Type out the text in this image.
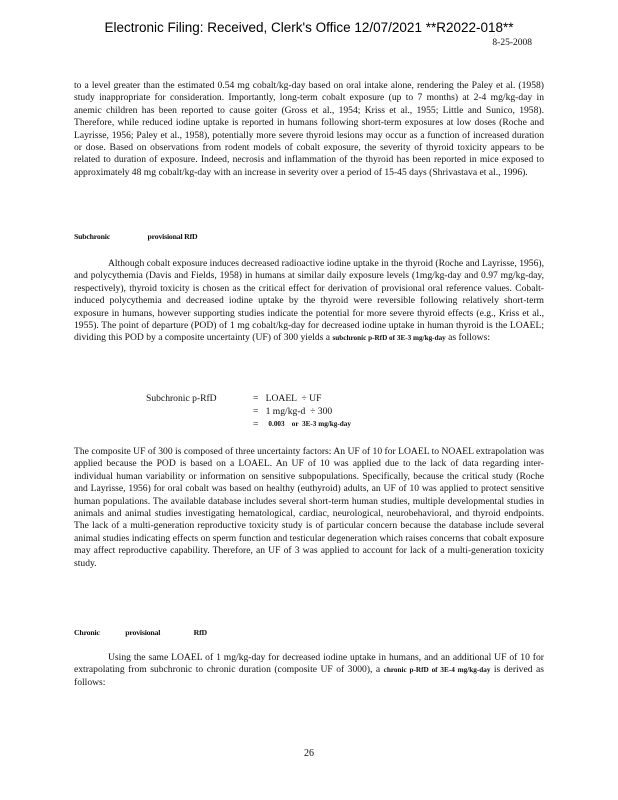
Electronic Filing: Received, Clerk's Office 12/07/2021 **R2022-018**
8-25-2008
to a level greater than the estimated 0.54 mg cobalt/kg-day based on oral intake alone, rendering the Paley et al. (1958) study inappropriate for consideration. Importantly, long-term cobalt exposure (up to 7 months) at 2-4 mg/kg-day in anemic children has been reported to cause goiter (Gross et al., 1954; Kriss et al., 1955; Little and Sunico, 1958). Therefore, while reduced iodine uptake is reported in humans following short-term exposures at low doses (Roche and Layrisse, 1956; Paley et al., 1958), potentially more severe thyroid lesions may occur as a function of increased duration or dose. Based on observations from rodent models of cobalt exposure, the severity of thyroid toxicity appears to be related to duration of exposure. Indeed, necrosis and inflammation of the thyroid has been reported in mice exposed to approximately 48 mg cobalt/kg-day with an increase in severity over a period of 15-45 days (Shrivastava et al., 1996).
Subchronic	provisional RfD
Although cobalt exposure induces decreased radioactive iodine uptake in the thyroid (Roche and Layrisse, 1956), and polycythemia (Davis and Fields, 1958) in humans at similar daily exposure levels (1mg/kg-day and 0.97 mg/kg-day, respectively), thyroid toxicity is chosen as the critical effect for derivation of provisional oral reference values. Cobalt-induced polycythemia and decreased iodine uptake by the thyroid were reversible following relatively short-term exposure in humans, however supporting studies indicate the potential for more severe thyroid effects (e.g., Kriss et al., 1955). The point of departure (POD) of 1 mg cobalt/kg-day for decreased iodine uptake in human thyroid is the LOAEL; dividing this POD by a composite uncertainty (UF) of 300 yields a subchronic p-RfD of 3E-3 mg/kg-day as follows:
Subchronic p-RfD	=   LOAEL  ÷ UF
=   1 mg/kg-d  ÷ 300
= 0.003    or  3E-3 mg/kg-day
The composite UF of 300 is composed of three uncertainty factors: An UF of 10 for LOAEL to NOAEL extrapolation was applied because the POD is based on a LOAEL. An UF of 10 was applied due to the lack of data regarding inter-individual human variability or information on sensitive subpopulations. Specifically, because the critical study (Roche and Layrisse, 1956) for oral cobalt was based on healthy (euthyroid) adults, an UF of 10 was applied to protect sensitive human populations. The available database includes several short-term human studies, multiple developmental studies in animals and animal studies investigating hematological, cardiac, neurological, neurobehavioral, and thyroid endpoints. The lack of a multi-generation reproductive toxicity study is of particular concern because the database include several animal studies indicating effects on sperm function and testicular degeneration which raises concerns that cobalt exposure may affect reproductive capability. Therefore, an UF of 3 was applied to account for lack of a multi-generation toxicity study.
Chronic	provisional	RfD
Using the same LOAEL of 1 mg/kg-day for decreased iodine uptake in humans, and an additional UF of 10 for extrapolating from subchronic to chronic duration (composite UF of 3000), a chronic p-RfD of 3E-4 mg/kg-day is derived as follows:
26
